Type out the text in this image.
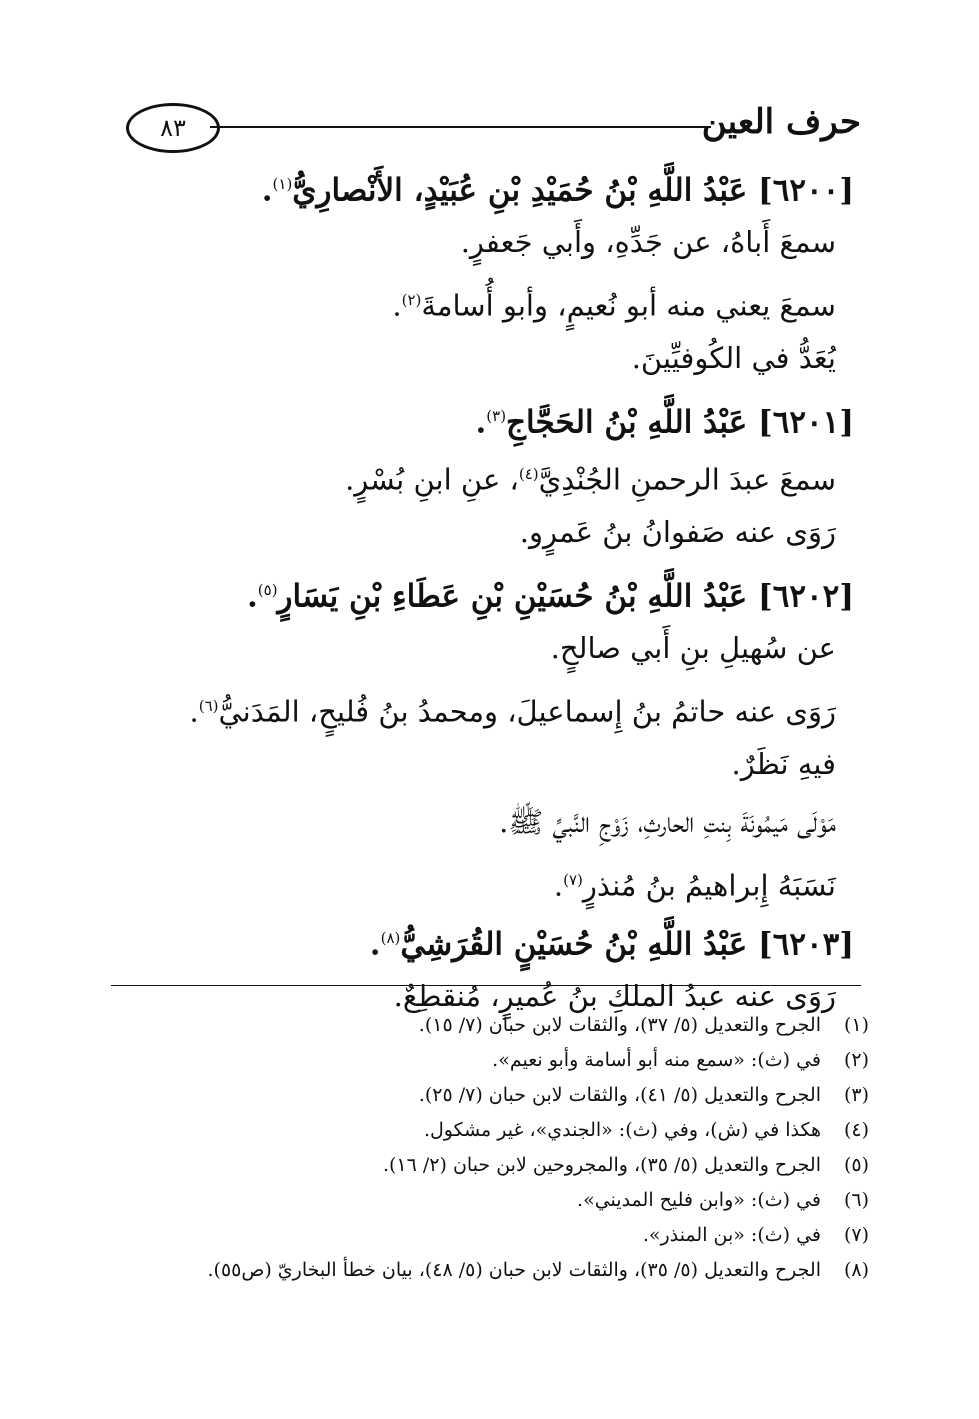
٨٣	حرف العين
[٦٢٠٠] عَبْدُ اللَّهِ بْنُ حُمَيْدِ بْنِ عُبَيْدٍ، الأَنْصارِيُّ$^{(١)}$.
سمعَ أَباهُ، عن جَدِّهِ، وأَبي جَعفرٍ.
سمعَ يعني منه أبو نُعيمٍ، وأبو أُسامةَ$^{(٢)}$.
يُعَدُّ في الكُوفيِّينَ.
[٦٢٠١] عَبْدُ اللَّهِ بْنُ الحَجَّاجِ$^{(٣)}$.
سمعَ عبدَ الرحمنِ الجُنْدِيَّ$^{(٤)}$، عنِ ابنِ بُسْرٍ.
رَوَى عنه صَفوانُ بنُ عَمرٍو.
[٦٢٠٢] عَبْدُ اللَّهِ بْنُ حُسَيْنِ بْنِ عَطَاءِ بْنِ يَسَارٍ$^{(٥)}$.
عن سُهيلِ بنِ أَبي صالحٍ.
رَوَى عنه حاتمُ بنُ إِسماعيلَ، ومحمدُ بنُ فُليحٍ، المَدَنيُّ$^{(٦)}$.
فيهِ نَظَرٌ.
مَوْلَى مَيمُونَةَ بِنتِ الحارثِ، زَوْجِ النَّبيِّ ﷺ.
نَسَبَهُ إِبراهيمُ بنُ مُنذرٍ$^{(٧)}$.
[٦٢٠٣] عَبْدُ اللَّهِ بْنُ حُسَيْنٍ القُرَشِيُّ$^{(٨)}$.
رَوَى عنه عبدُ الملكِ بنُ عُميرٍ، مُنقطِعٌ.
(١)
الجرح والتعديل (٥/ ٣٧)، والثقات لابن حبان (٧/ ١٥).
(٢)
في (ث): «سمع منه أبو أسامة وأبو نعيم».
(٣)
الجرح والتعديل (٥/ ٤١)، والثقات لابن حبان (٧/ ٢٥).
(٤)
هكذا في (ش)، وفي (ث): «الجندي»، غير مشكول.
(٥)
الجرح والتعديل (٥/ ٣٥)، والمجروحين لابن حبان (٢/ ١٦).
(٦)
في (ث): «وابن فليح المديني».
(٧)
في (ث): «بن المنذر».
(٨)
الجرح والتعديل (٥/ ٣٥)، والثقات لابن حبان (٥/ ٤٨)، بيان خطأ البخاريّ (ص٥٥).
